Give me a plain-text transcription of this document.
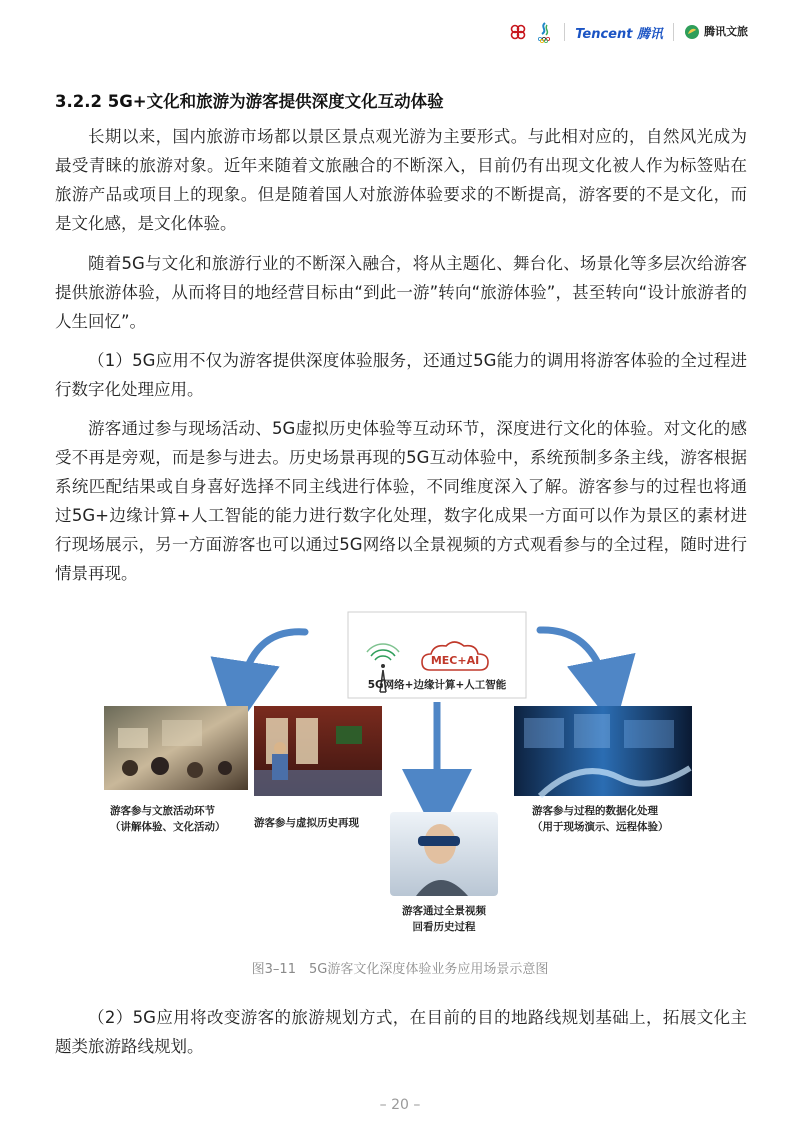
Tencent 腾讯	腾讯文旅
3.2.2 5G+文化和旅游为游客提供深度文化互动体验

长期以来，国内旅游市场都以景区景点观光游为主要形式。与此相对应的，自然风光成为最受青睐的旅游对象。近年来随着文旅融合的不断深入，目前仍有出现文化被人作为标签贴在旅游产品或项目上的现象。但是随着国人对旅游体验要求的不断提高，游客要的不是文化，而是文化感，是文化体验。

随着5G与文化和旅游行业的不断深入融合，将从主题化、舞台化、场景化等多层次给游客提供旅游体验，从而将目的地经营目标由“到此一游”转向“旅游体验”，甚至转向“设计旅游者的人生回忆”。

（1）5G应用不仅为游客提供深度体验服务，还通过5G能力的调用将游客体验的全过程进行数字化处理应用。

游客通过参与现场活动、5G虚拟历史体验等互动环节，深度进行文化的体验。对文化的感受不再是旁观，而是参与进去。历史场景再现的5G互动体验中，系统预制多条主线，游客根据系统匹配结果或自身喜好选择不同主线进行体验，不同维度深入了解。游客参与的过程也将通过5G+边缘计算+人工智能的能力进行数字化处理，数字化成果一方面可以作为景区的素材进行现场展示，另一方面游客也可以通过5G网络以全景视频的方式观看参与的全过程，随时进行情景再现。

MEC+AI
5G网络+边缘计算+人工智能
游客参与文旅活动环节
（讲解体验、文化活动）	游客参与虚拟历史再现
游客参与过程的数据化处理
（用于现场演示、远程体验）
游客通过全景视频
回看历史过程
图3–11　5G游客文化深度体验业务应用场景示意图

（2）5G应用将改变游客的旅游规划方式，在目前的目的地路线规划基础上，拓展文化主题类旅游路线规划。

– 20 –
